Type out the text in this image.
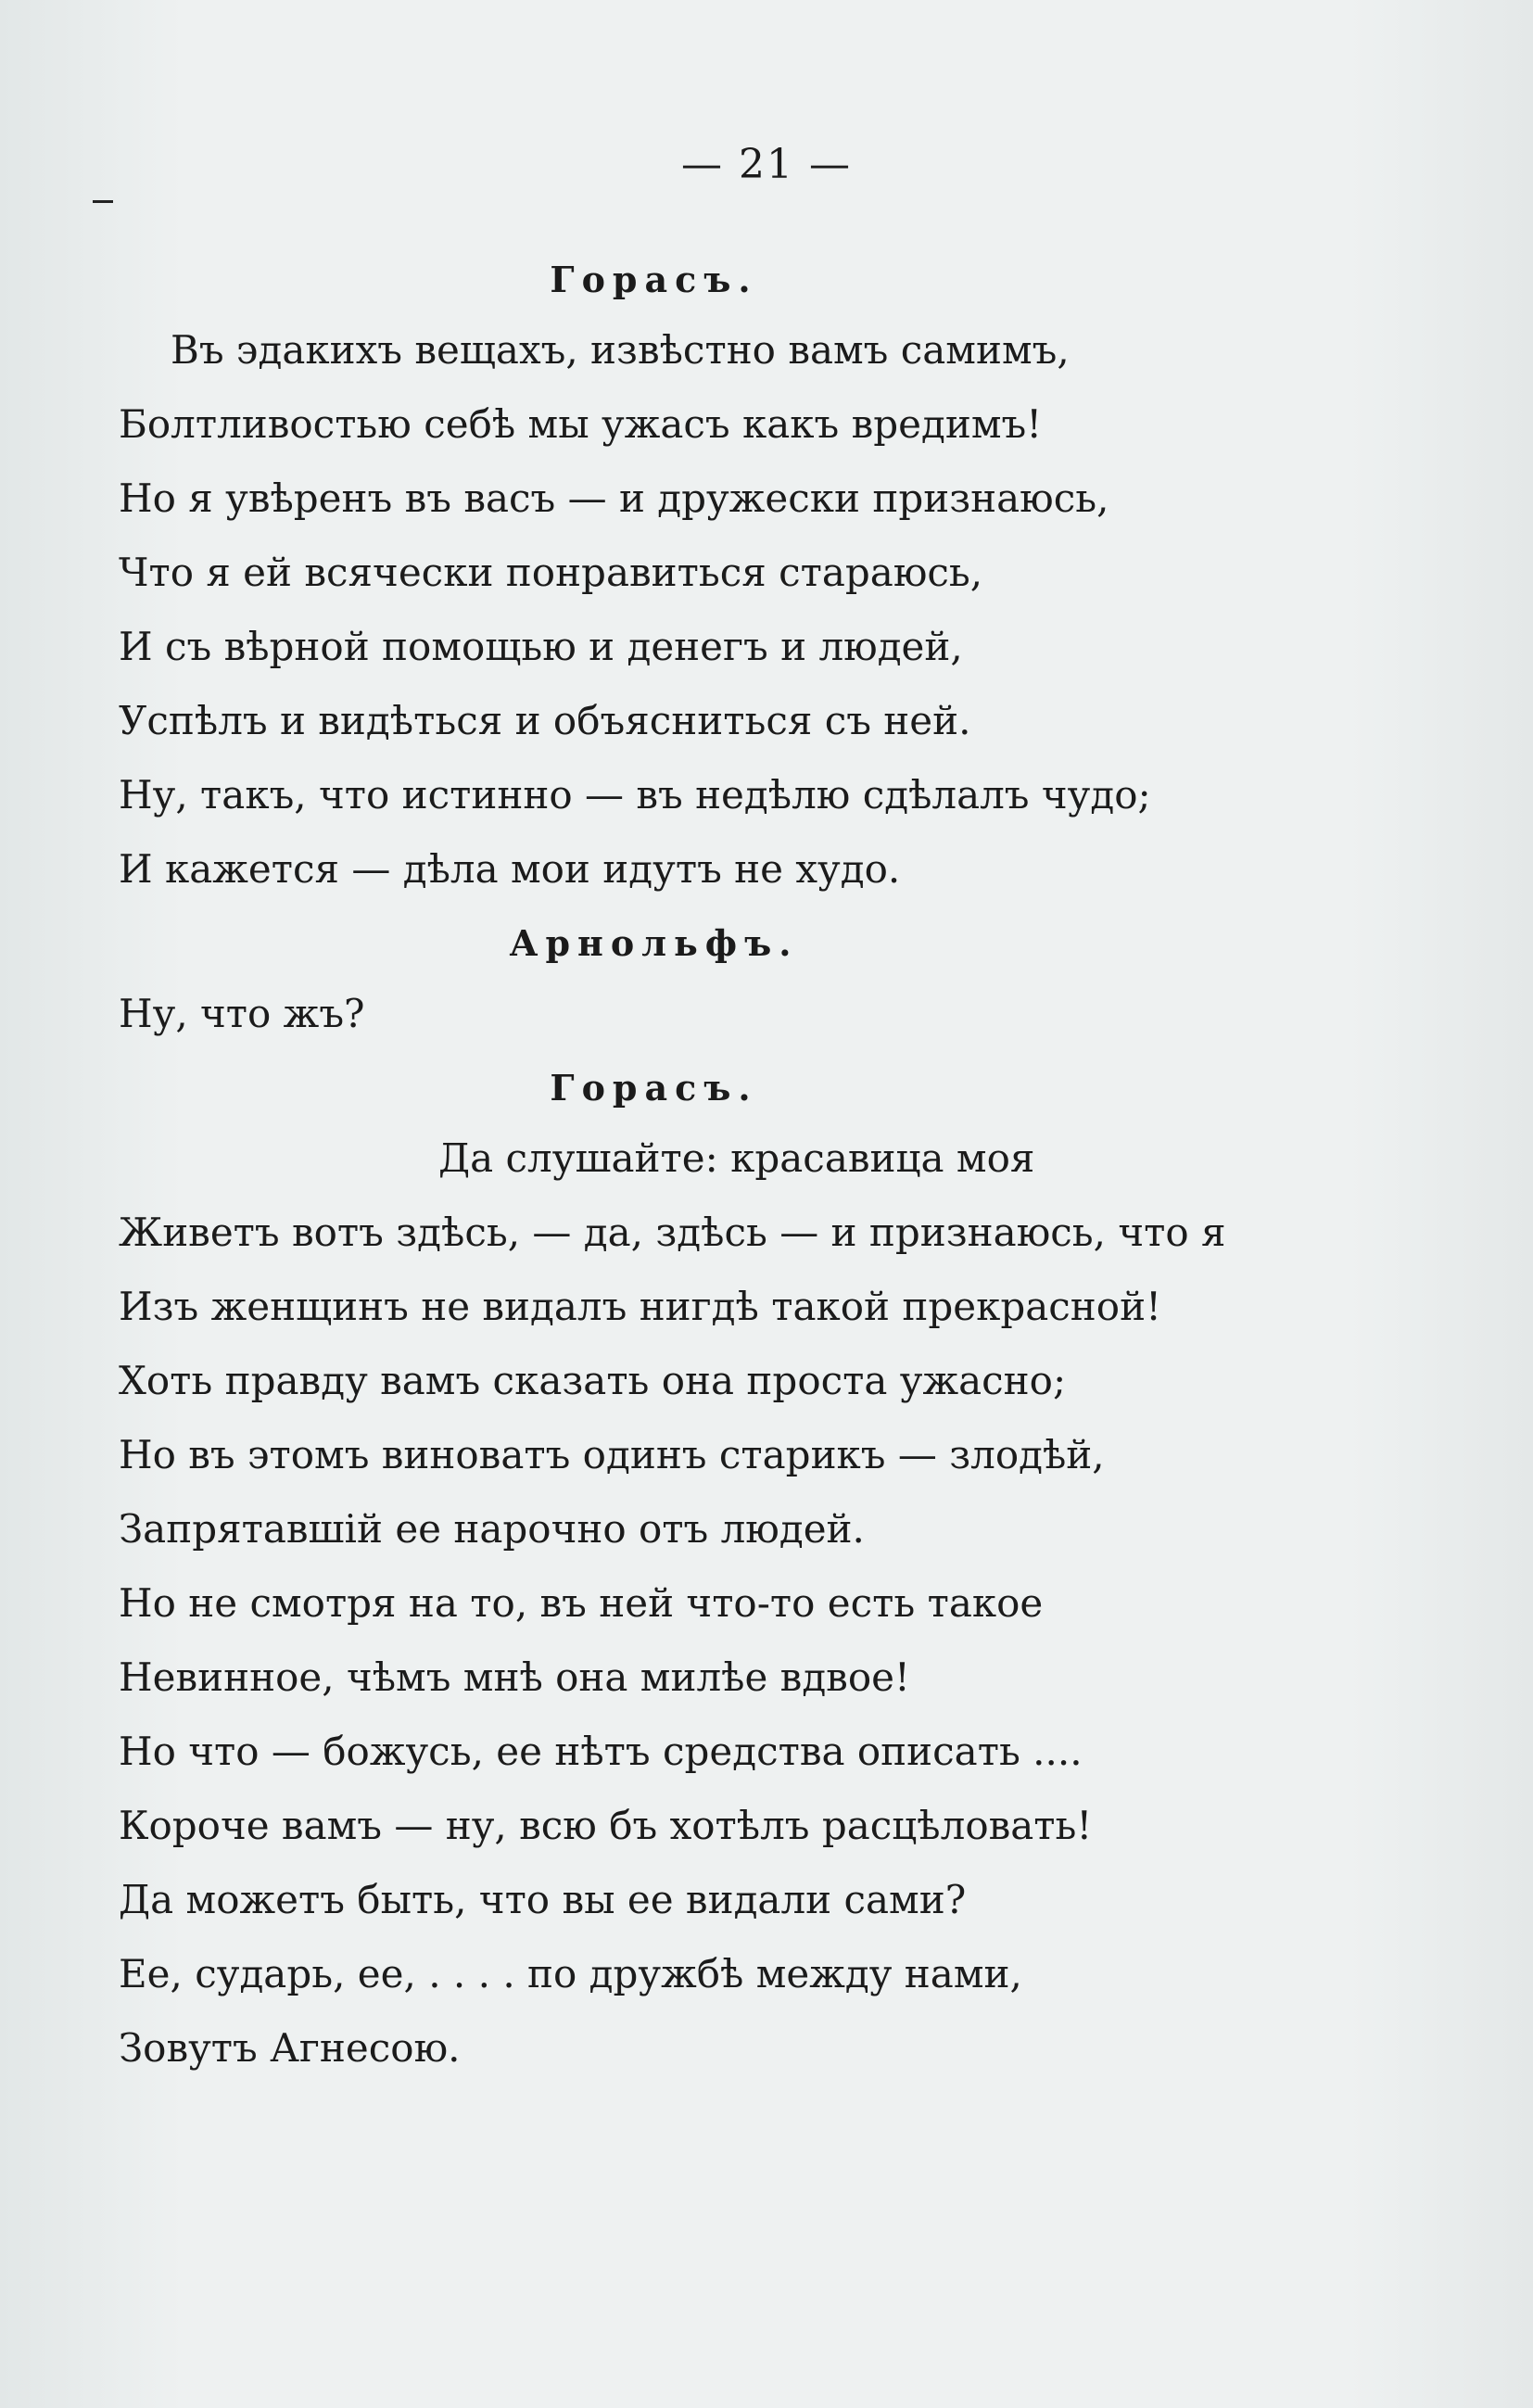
— 21 —
Горасъ.
Въ эдакихъ вещахъ, извѣстно вамъ самимъ,
Болтливостью себѣ мы ужасъ какъ вредимъ!
Но я увѣренъ въ васъ — и дружески признаюсь,
Что я ей всячески понравиться стараюсь,
И съ вѣрной помощью и денегъ и людей,
Успѣлъ и видѣться и объясниться съ ней.
Ну, такъ, что истинно — въ недѣлю сдѣлалъ чудо;
И кажется — дѣла мои идутъ не худо.
Арнольфъ.
Ну, что жъ?
Горасъ.
Да слушайте: красавица моя
Живетъ вотъ здѣсь, — да, здѣсь — и признаюсь, что я
Изъ женщинъ не видалъ нигдѣ такой прекрасной!
Хоть правду вамъ сказать она проста ужасно;
Но въ этомъ виноватъ одинъ старикъ — злодѣй,
Запрятавшій ее нарочно отъ людей.
Но не смотря на то, въ ней что-то есть такое
Невинное, чѣмъ мнѣ она милѣе вдвое!
Но что — божусь, ее нѣтъ средства описать ....
Короче вамъ — ну, всю бъ хотѣлъ расцѣловать!
Да можетъ быть, что вы ее видали сами?
Ее, сударь, ее, . . . . по дружбѣ между нами,
Зовутъ Агнесою.
